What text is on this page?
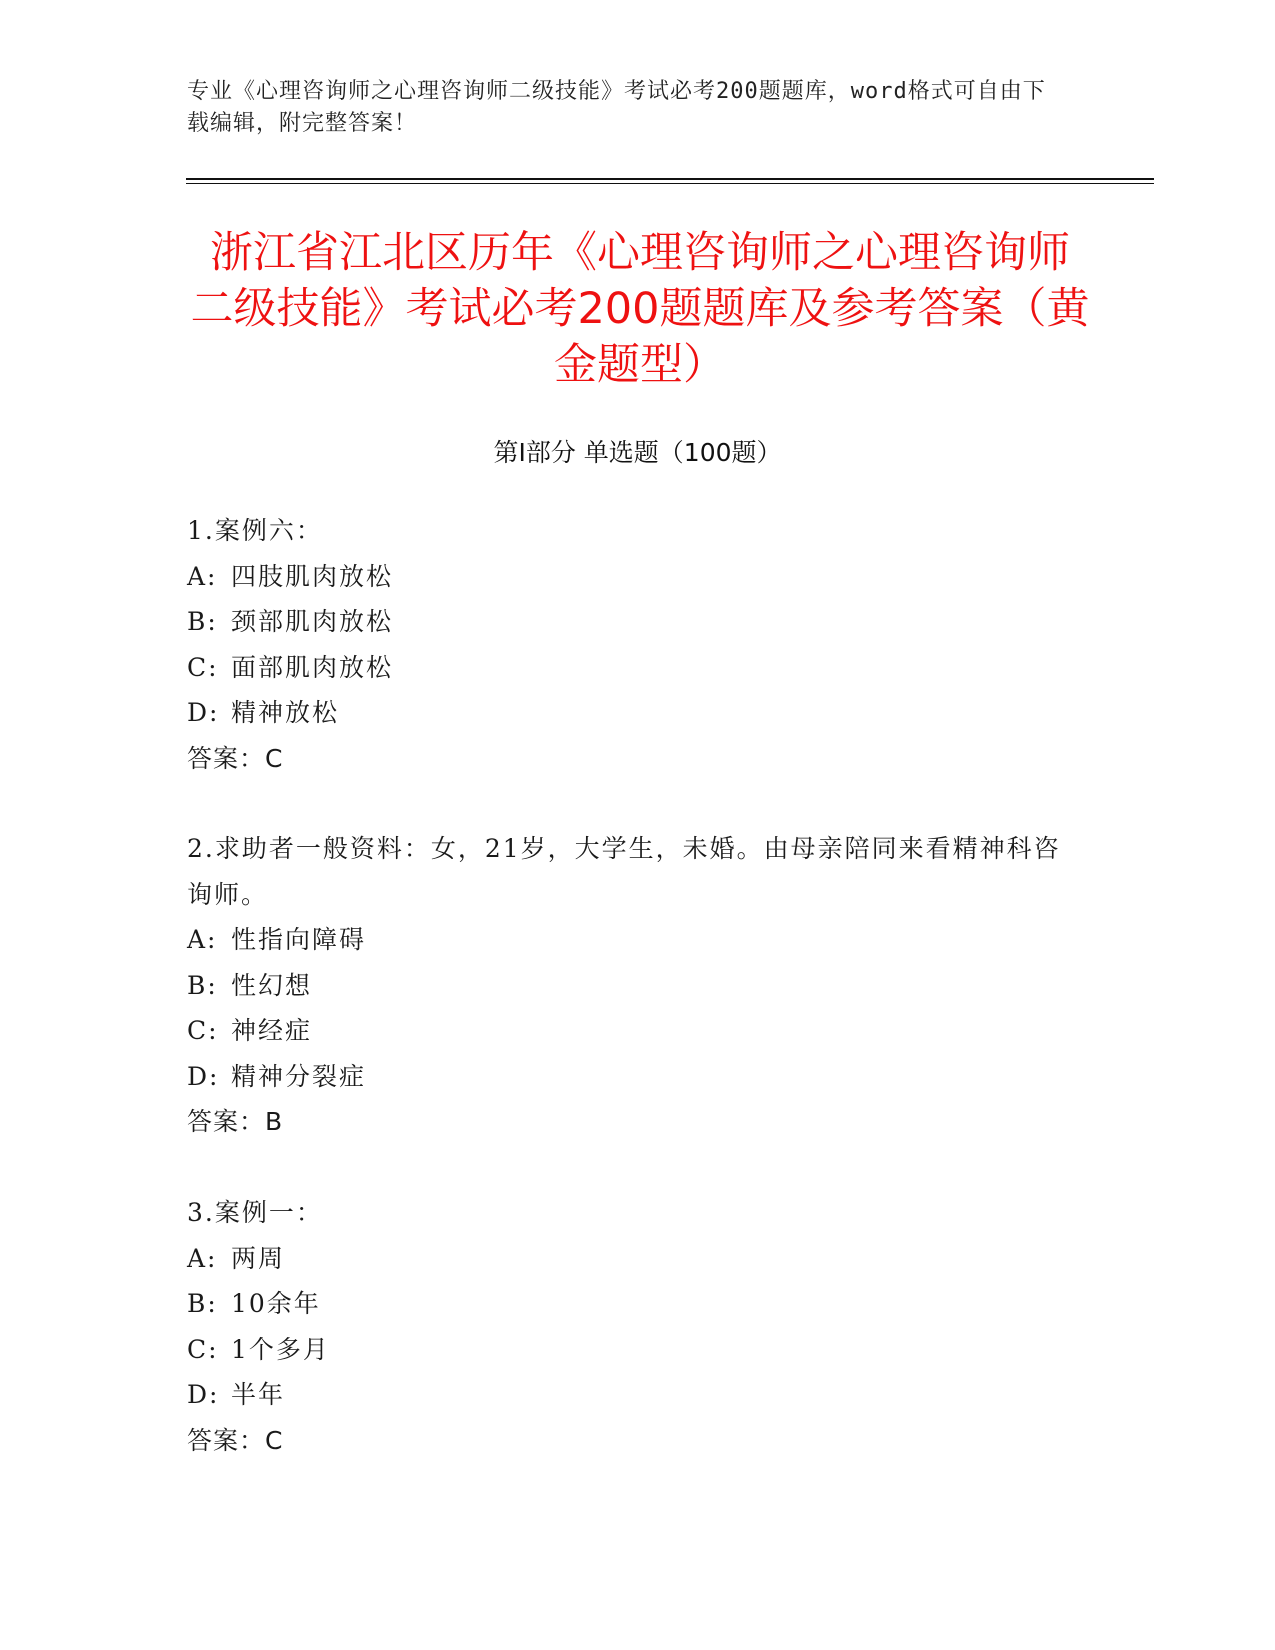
专业《心理咨询师之心理咨询师二级技能》考试必考200题题库，word格式可自由下载编辑，附完整答案！
浙江省江北区历年《心理咨询师之心理咨询师二级技能》考试必考200题题库及参考答案（黄金题型）
第I部分 单选题（100题）
1.案例六：
A: 四肢肌肉放松
B: 颈部肌肉放松
C: 面部肌肉放松
D: 精神放松
答案：C
2.求助者一般资料：女，21岁，大学生，未婚。由母亲陪同来看精神科咨询师。
A: 性指向障碍
B: 性幻想
C: 神经症
D: 精神分裂症
答案：B
3.案例一：
A: 两周
B: 10余年
C: 1个多月
D: 半年
答案：C
